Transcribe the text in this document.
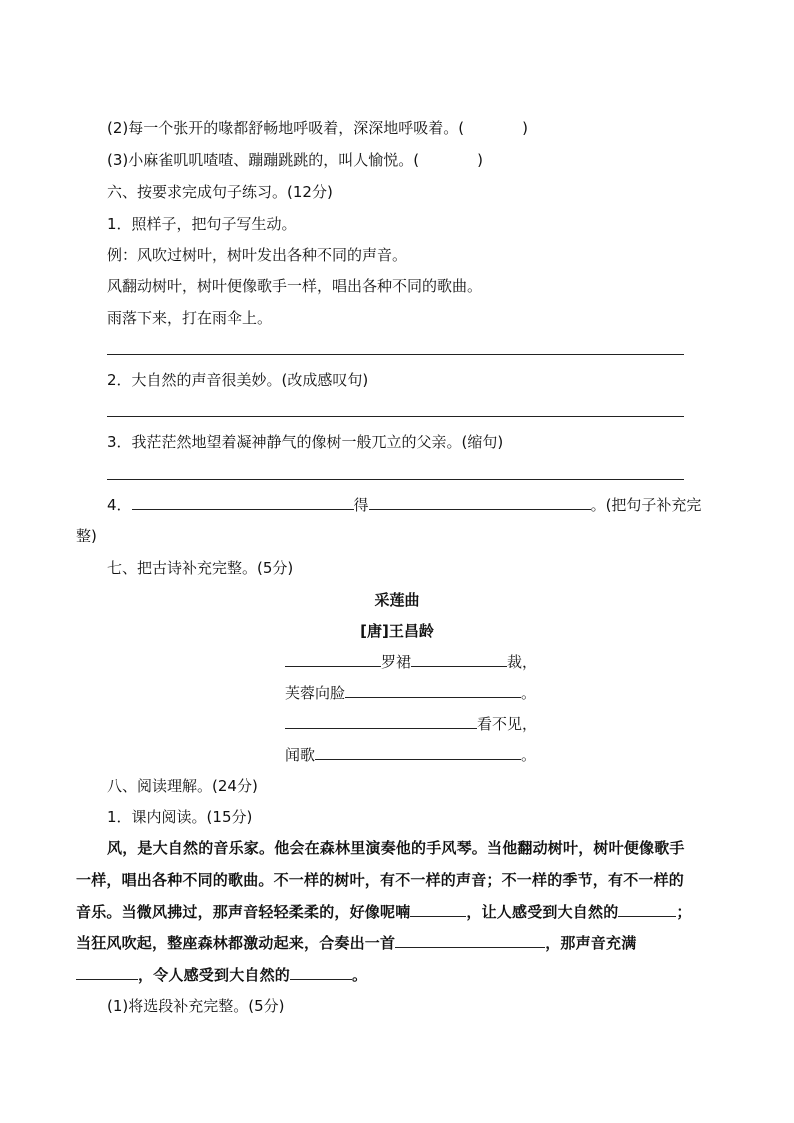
(2)每一个张开的喙都舒畅地呼吸着，深深地呼吸着。(	)
(3)小麻雀叽叽喳喳、蹦蹦跳跳的，叫人愉悦。(	)
六、按要求完成句子练习。(12分)
1．照样子，把句子写生动。
例：风吹过树叶，树叶发出各种不同的声音。
风翻动树叶，树叶便像歌手一样，唱出各种不同的歌曲。
雨落下来，打在雨伞上。
2．大自然的声音很美妙。(改成感叹句)
3．我茫茫然地望着凝神静气的像树一般兀立的父亲。(缩句)
4．	得	。(把句子补充完
整)
七、把古诗补充完整。(5分)
采莲曲
[唐]王昌龄
罗裙	裁，
芙蓉向脸	。
看不见，
闻歌	。
八、阅读理解。(24分)
1．课内阅读。(15分)
风，是大自然的音乐家。他会在森林里演奏他的手风琴。当他翻动树叶，树叶便像歌手
一样，唱出各种不同的歌曲。不一样的树叶，有不一样的声音；不一样的季节，有不一样的
音乐。当微风拂过，那声音轻轻柔柔的，好像呢喃	，让人感受到大自然的	；
当狂风吹起，整座森林都激动起来，合奏出一首	，那声音充满
，令人感受到大自然的	。
(1)将选段补充完整。(5分)
